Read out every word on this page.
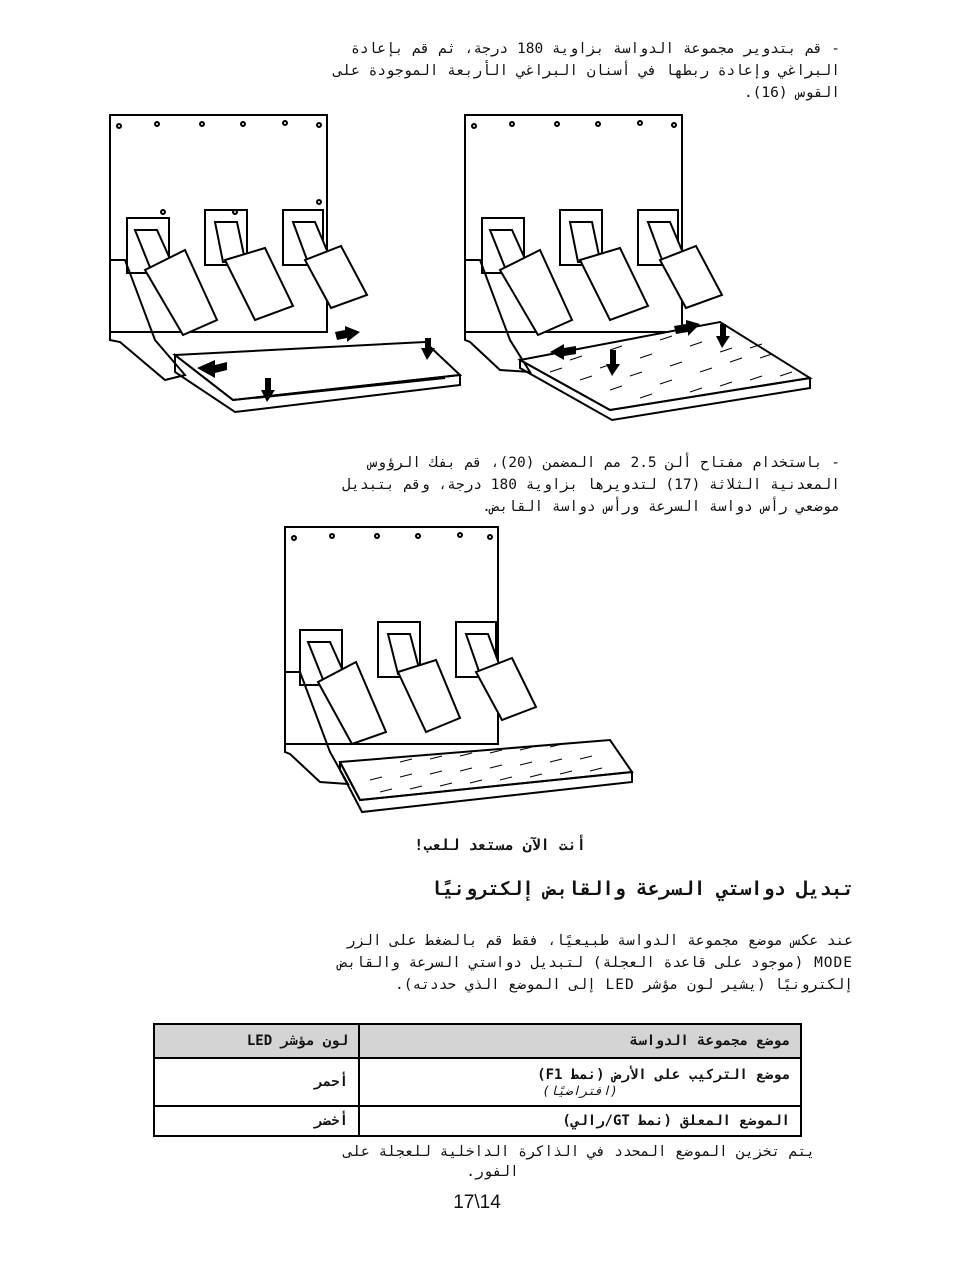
- قم بتدوير مجموعة الدواسة بزاوية 180 درجة، ثم قم بإعادة
البراغي وإعادة ربطها في أسنان البراغي الأربعة الموجودة على
القوس (16).
- باستخدام مفتاح ألن 2.5 مم المضمن (20)، قم بفك الرؤوس
المعدنية الثلاثة (17) لتدويرها بزاوية 180 درجة، وقم بتبديل
موضعي رأس دواسة السرعة ورأس دواسة القابض.
أنت الآن مستعد للعب!
تبديل دواستي السرعة والقابض إلكترونيًا
عند عكس موضع مجموعة الدواسة طبيعيًا، فقط قم بالضغط على الزر
MODE (موجود على قاعدة العجلة) لتبديل دواستي السرعة والقابض
إلكترونيًا (يشير لون مؤشر LED إلى الموضع الذي حددته).
موضع مجموعة الدواسة	لون مؤشر LED
موضع التركيب على الأرض (نمط F1)
(افتراضيًا)	أحمر
الموضع المعلق (نمط GT/رالي)	أخضر
يتم تخزين الموضع المحدد في الذاكرة الداخلية للعجلة على
الفور.
17\14
